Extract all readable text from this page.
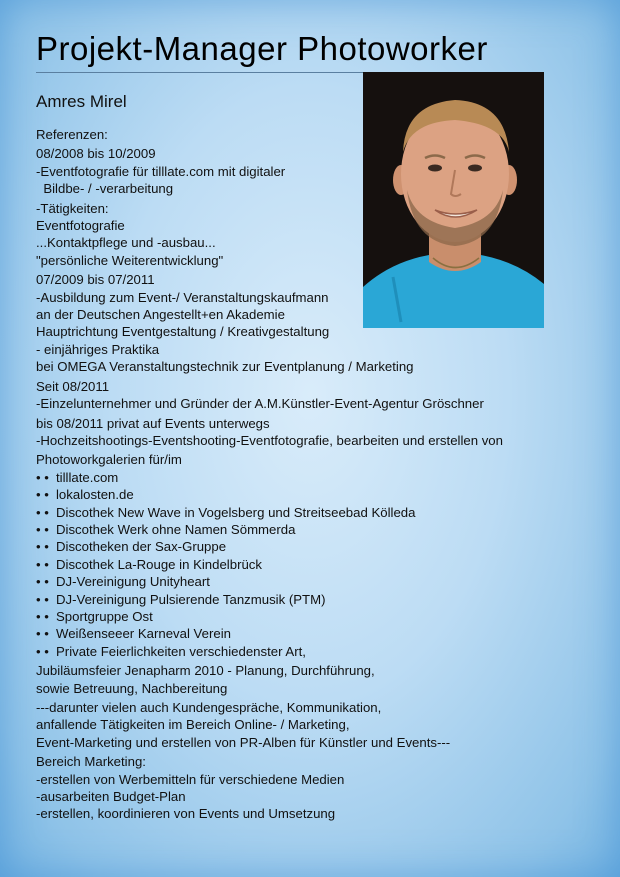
Projekt-Manager Photoworker
Amres Mirel
Referenzen:
08/2008 bis 10/2009
-Eventfotografie für tilllate.com mit digitaler
Bildbe- / -verarbeitung
-Tätigkeiten:
Eventfotografie
...Kontaktpflege und -ausbau...
"persönliche Weiterentwicklung"
07/2009 bis 07/2011
-Ausbildung zum Event-/ Veranstaltungskaufmann
an der Deutschen Angestellt+en Akademie
Hauptrichtung Eventgestaltung / Kreativgestaltung
- einjähriges Praktika
bei OMEGA Veranstaltungstechnik zur Eventplanung / Marketing
Seit 08/2011
-Einzelunternehmer und Gründer der A.M.Künstler-Event-Agentur Gröschner
bis 08/2011 privat auf Events unterwegs
-Hochzeitshootings-Eventshooting-Eventfotografie, bearbeiten und erstellen von
Photoworkgalerien für/im
• • tilllate.com
• • lokalosten.de
• • Discothek New Wave in Vogelsberg und Streitseebad Kölleda
• • Discothek Werk ohne Namen Sömmerda
• • Discotheken der Sax-Gruppe
• • Discothek La-Rouge in Kindelbrück
• • DJ-Vereinigung Unityheart
• • DJ-Vereinigung Pulsierende Tanzmusik (PTM)
• • Sportgruppe Ost
• • Weißenseeer Karneval Verein
• • Private Feierlichkeiten verschiedenster Art,
Jubiläumsfeier Jenapharm 2010 - Planung, Durchführung,
sowie Betreuung, Nachbereitung
---darunter vielen auch Kundengespräche, Kommunikation,
anfallende Tätigkeiten im Bereich Online- / Marketing,
Event-Marketing und erstellen von PR-Alben für Künstler und Events---
Bereich Marketing:
-erstellen von Werbemitteln für verschiedene Medien
-ausarbeiten Budget-Plan
-erstellen, koordinieren von Events und Umsetzung
